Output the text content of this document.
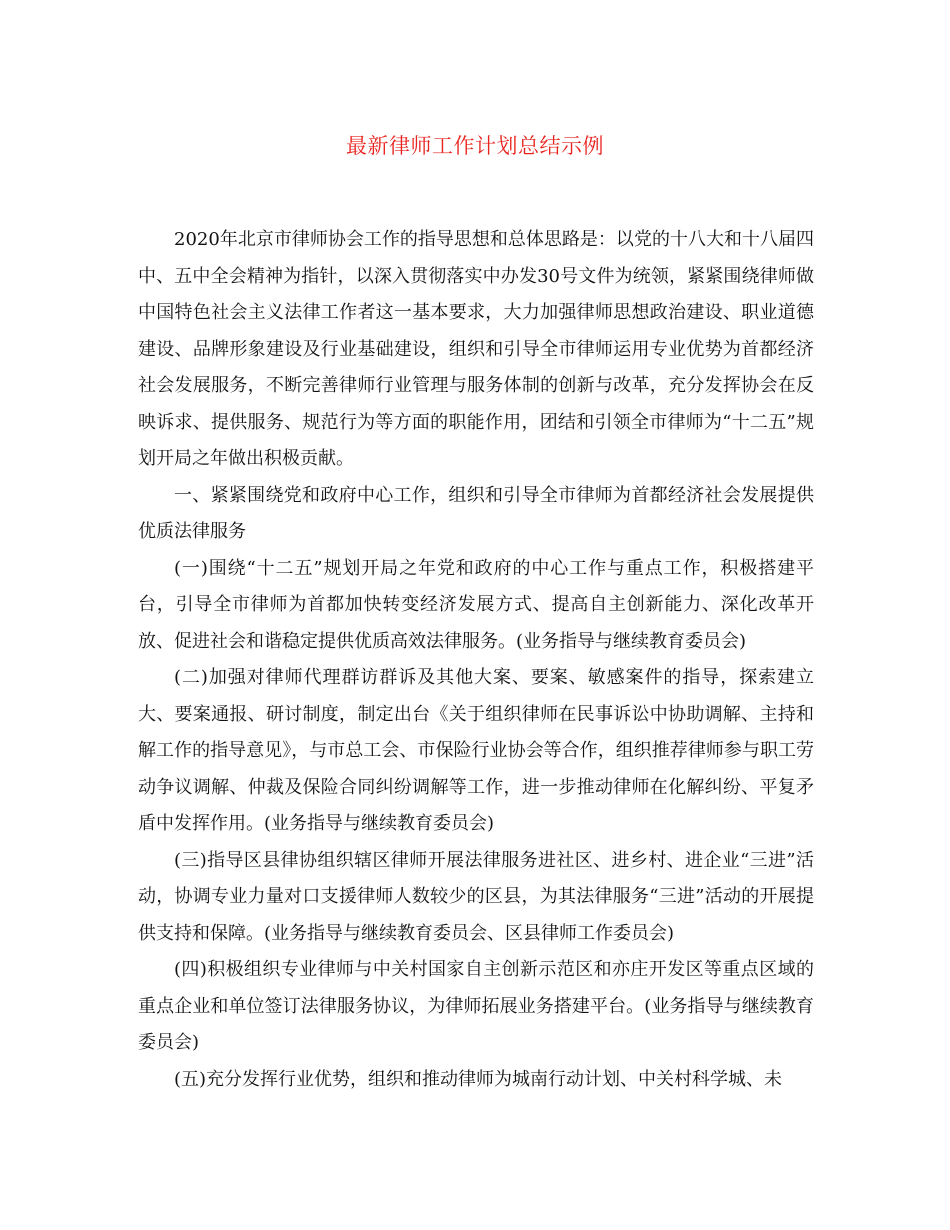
最新律师工作计划总结示例

2020年北京市律师协会工作的指导思想和总体思路是：以党的十八大和十八届四中、五中全会精神为指针，以深入贯彻落实中办发30号文件为统领，紧紧围绕律师做中国特色社会主义法律工作者这一基本要求，大力加强律师思想政治建设、职业道德建设、品牌形象建设及行业基础建设，组织和引导全市律师运用专业优势为首都经济社会发展服务，不断完善律师行业管理与服务体制的创新与改革，充分发挥协会在反映诉求、提供服务、规范行为等方面的职能作用，团结和引领全市律师为“十二五”规划开局之年做出积极贡献。

一、紧紧围绕党和政府中心工作，组织和引导全市律师为首都经济社会发展提供优质法律服务

(一)围绕“十二五”规划开局之年党和政府的中心工作与重点工作，积极搭建平台，引导全市律师为首都加快转变经济发展方式、提高自主创新能力、深化改革开放、促进社会和谐稳定提供优质高效法律服务。(业务指导与继续教育委员会)

(二)加强对律师代理群访群诉及其他大案、要案、敏感案件的指导，探索建立大、要案通报、研讨制度，制定出台《关于组织律师在民事诉讼中协助调解、主持和解工作的指导意见》，与市总工会、市保险行业协会等合作，组织推荐律师参与职工劳动争议调解、仲裁及保险合同纠纷调解等工作，进一步推动律师在化解纠纷、平复矛盾中发挥作用。(业务指导与继续教育委员会)

(三)指导区县律协组织辖区律师开展法律服务进社区、进乡村、进企业“三进”活动，协调专业力量对口支援律师人数较少的区县，为其法律服务“三进”活动的开展提供支持和保障。(业务指导与继续教育委员会、区县律师工作委员会)

(四)积极组织专业律师与中关村国家自主创新示范区和亦庄开发区等重点区域的重点企业和单位签订法律服务协议，为律师拓展业务搭建平台。(业务指导与继续教育委员会)

(五)充分发挥行业优势，组织和推动律师为城南行动计划、中关村科学城、未
